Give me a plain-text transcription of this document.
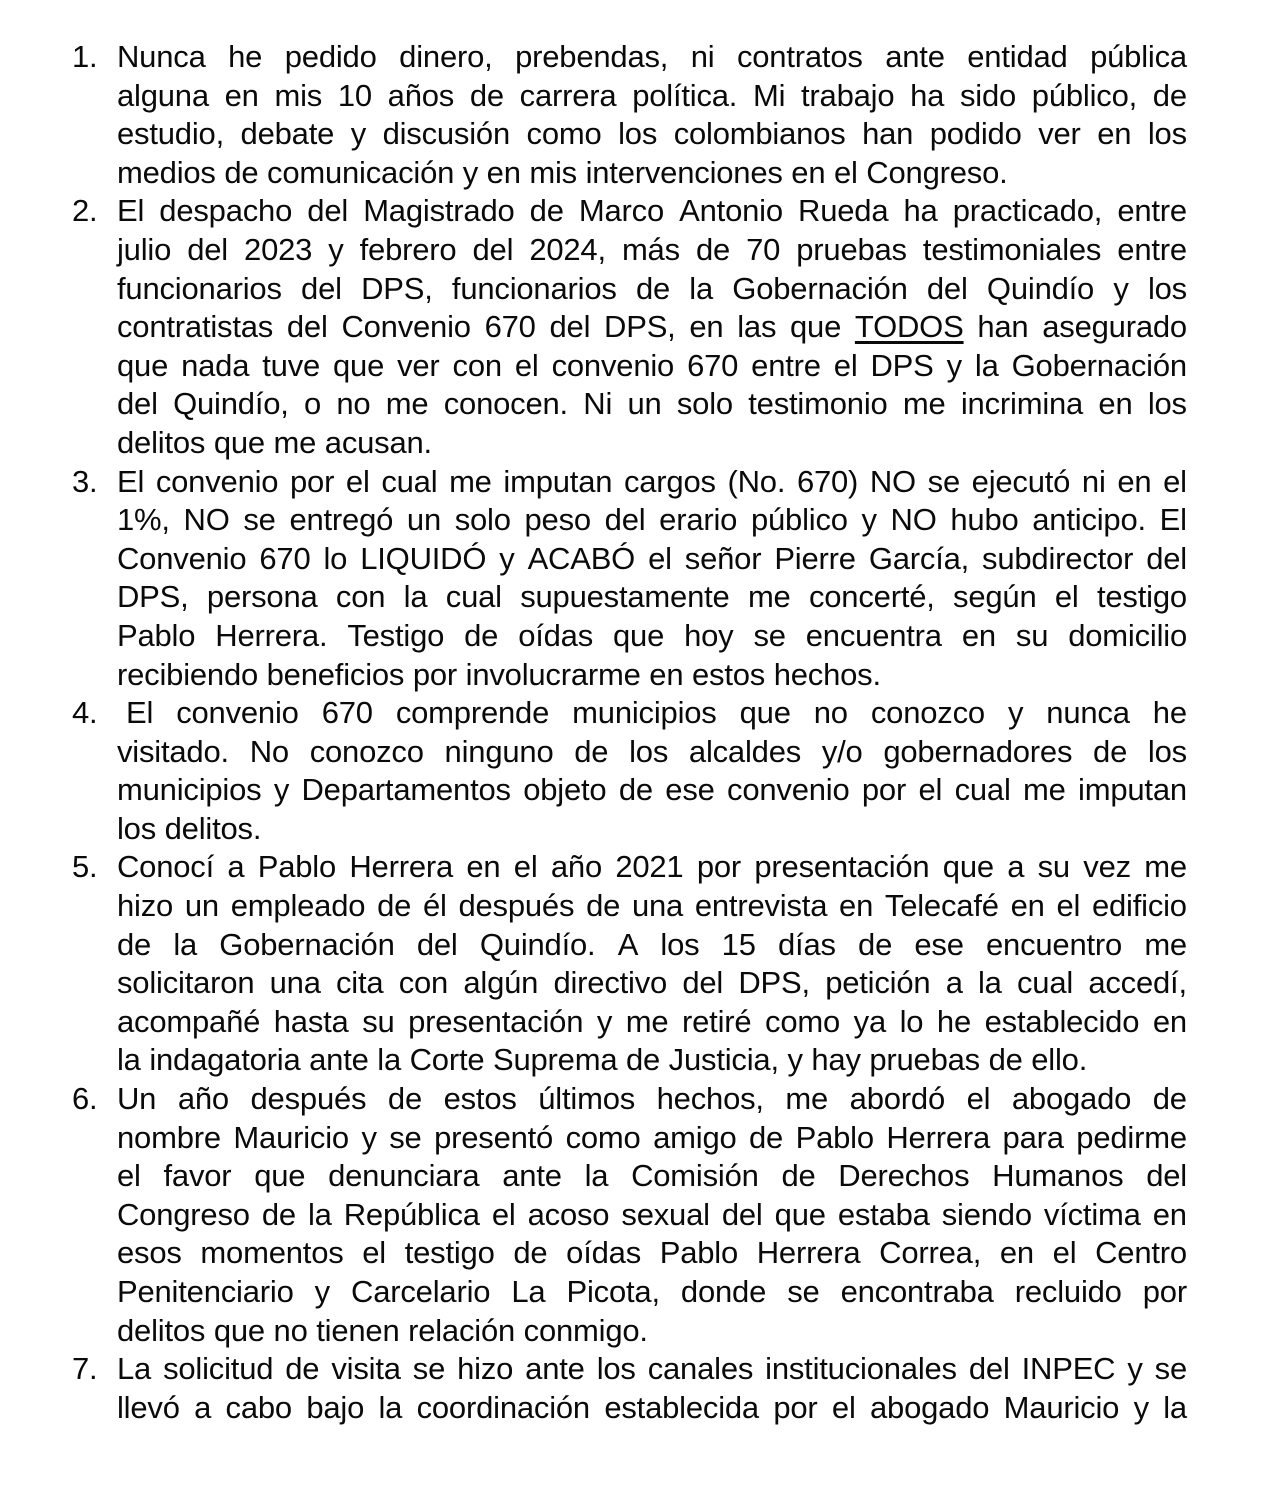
1. Nunca he pedido dinero, prebendas, ni contratos ante entidad pública
alguna en mis 10 años de carrera política. Mi trabajo ha sido público, de
estudio, debate y discusión como los colombianos han podido ver en los
medios de comunicación y en mis intervenciones en el Congreso.
2. El despacho del Magistrado de Marco Antonio Rueda ha practicado, entre
julio del 2023 y febrero del 2024, más de 70 pruebas testimoniales entre
funcionarios del DPS, funcionarios de la Gobernación del Quindío y los
contratistas del Convenio 670 del DPS, en las que TODOS han asegurado
que nada tuve que ver con el convenio 670 entre el DPS y la Gobernación
del Quindío, o no me conocen. Ni un solo testimonio me incrimina en los
delitos que me acusan.
3. El convenio por el cual me imputan cargos (No. 670) NO se ejecutó ni en el
1%, NO se entregó un solo peso del erario público y NO hubo anticipo. El
Convenio 670 lo LIQUIDÓ y ACABÓ el señor Pierre García, subdirector del
DPS, persona con la cual supuestamente me concerté, según el testigo
Pablo Herrera. Testigo de oídas que hoy se encuentra en su domicilio
recibiendo beneficios por involucrarme en estos hechos.
4. El convenio 670 comprende municipios que no conozco y nunca he
visitado. No conozco ninguno de los alcaldes y/o gobernadores de los
municipios y Departamentos objeto de ese convenio por el cual me imputan
los delitos.
5. Conocí a Pablo Herrera en el año 2021 por presentación que a su vez me
hizo un empleado de él después de una entrevista en Telecafé en el edificio
de la Gobernación del Quindío. A los 15 días de ese encuentro me
solicitaron una cita con algún directivo del DPS, petición a la cual accedí,
acompañé hasta su presentación y me retiré como ya lo he establecido en
la indagatoria ante la Corte Suprema de Justicia, y hay pruebas de ello.
6. Un año después de estos últimos hechos, me abordó el abogado de
nombre Mauricio y se presentó como amigo de Pablo Herrera para pedirme
el favor que denunciara ante la Comisión de Derechos Humanos del
Congreso de la República el acoso sexual del que estaba siendo víctima en
esos momentos el testigo de oídas Pablo Herrera Correa, en el Centro
Penitenciario y Carcelario La Picota, donde se encontraba recluido por
delitos que no tienen relación conmigo.
7. La solicitud de visita se hizo ante los canales institucionales del INPEC y se
llevó a cabo bajo la coordinación establecida por el abogado Mauricio y la
